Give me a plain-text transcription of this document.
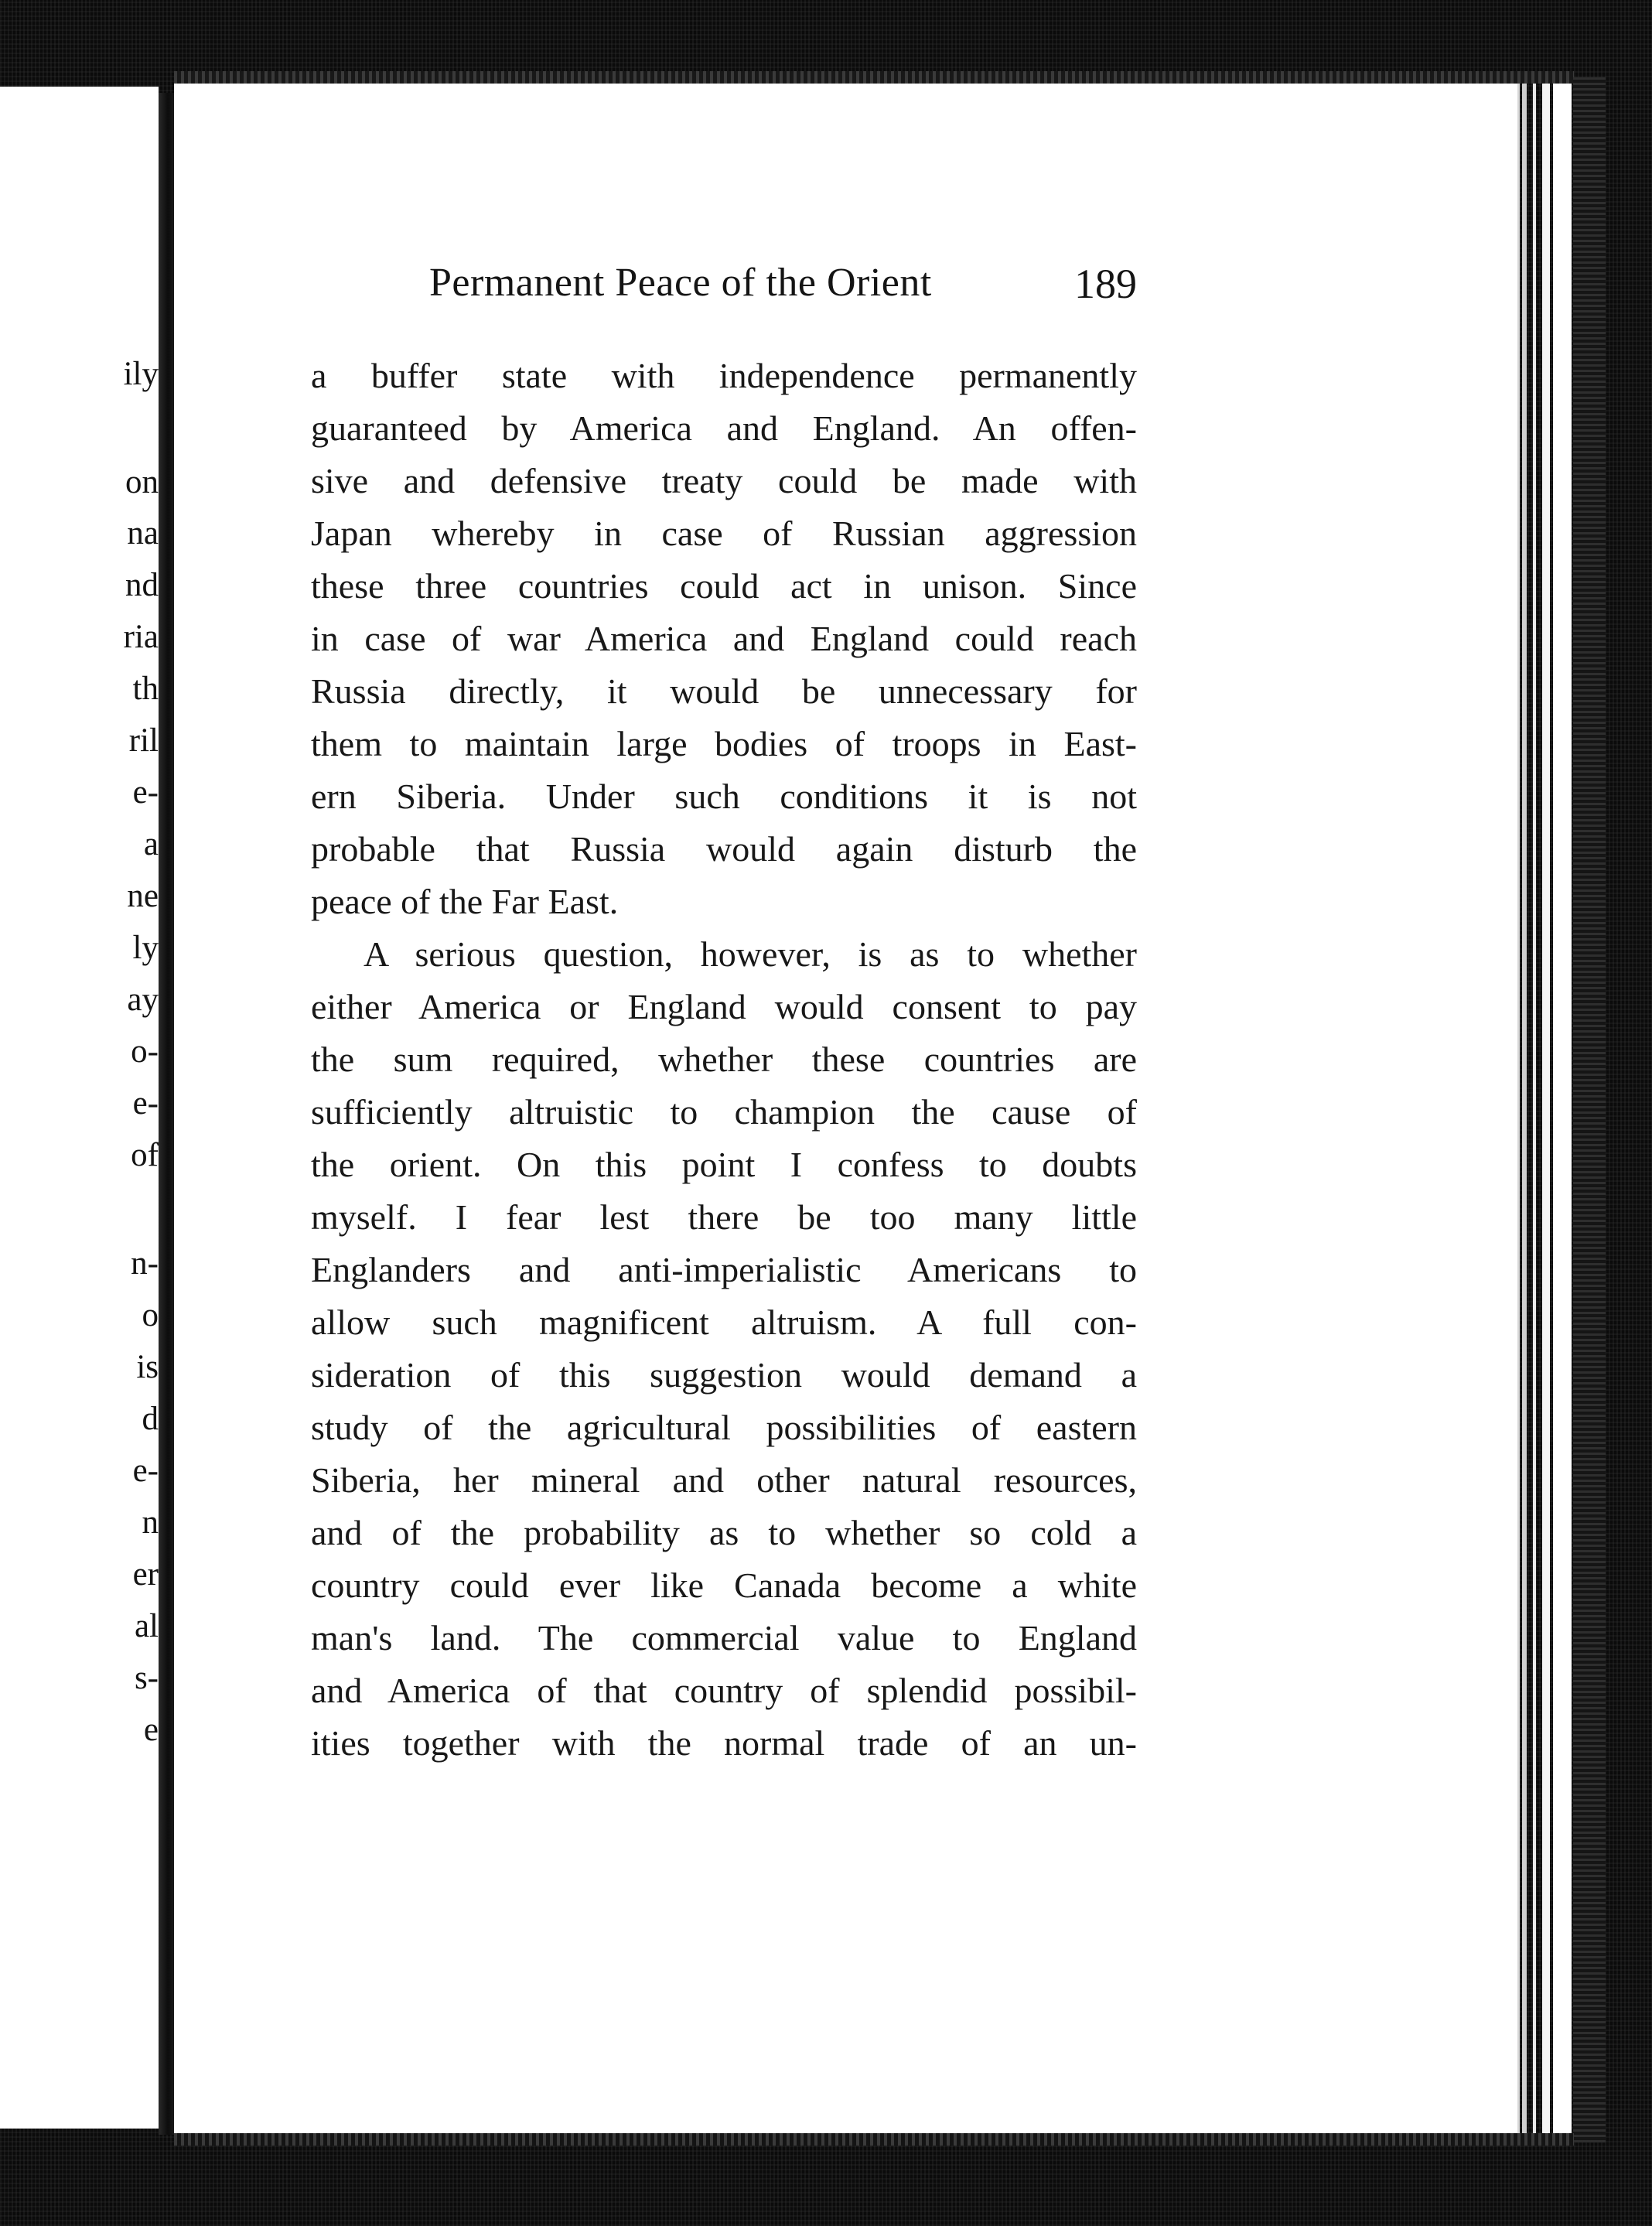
ily
on
na
nd
ria
th
ril
e-
a
ne
ly
ay
o-
e-
of
n-
o
is
d
e-
n
er
al
s-
e
Permanent Peace of the Orient	189
a buffer state with independence permanently
guaranteed by America and England. An offen-
sive and defensive treaty could be made with
Japan whereby in case of Russian aggression
these three countries could act in unison. Since
in case of war America and England could reach
Russia directly, it would be unnecessary for
them to maintain large bodies of troops in East-
ern Siberia. Under such conditions it is not
probable that Russia would again disturb the
peace of the Far East.
A serious question, however, is as to whether
either America or England would consent to pay
the sum required, whether these countries are
sufficiently altruistic to champion the cause of
the orient. On this point I confess to doubts
myself. I fear lest there be too many little
Englanders and anti-imperialistic Americans to
allow such magnificent altruism. A full con-
sideration of this suggestion would demand a
study of the agricultural possibilities of eastern
Siberia, her mineral and other natural resources,
and of the probability as to whether so cold a
country could ever like Canada become a white
man's land. The commercial value to England
and America of that country of splendid possibil-
ities together with the normal trade of an un-
